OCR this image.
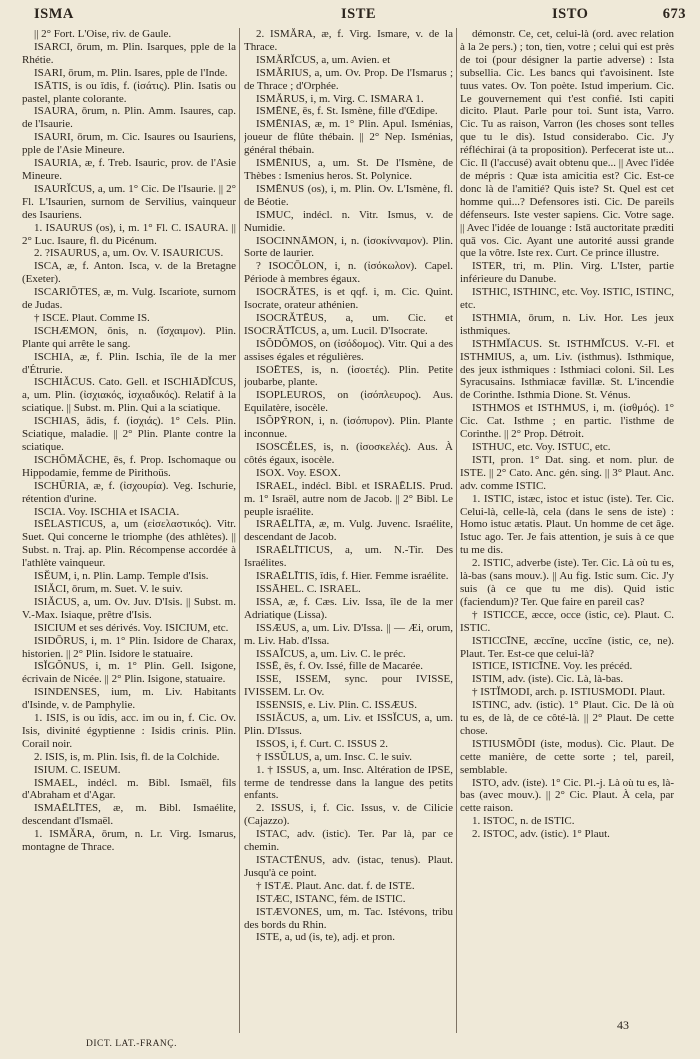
ISMA	ISTE	ISTO	673

|| 2° Fort. L'Oise, riv. de Gaule.

ISARCI, ōrum, m. Plin. Isarques, pple de la Rhétie.

ISARI, ōrum, m. Plin. Isares, pple de l'Inde.

ISĀTIS, is ou ĭdis, f. (ἰσάτις). Plin. Isatis ou pastel, plante colorante.

ISAURA, ōrum, n. Plin. Amm. Isaures, cap. de l'Isaurie.

ISAURI, ōrum, m. Cic. Isaures ou Isauriens, pple de l'Asie Mineure.

ISAURIA, æ, f. Treb. Isauric, prov. de l'Asie Mineure.

ISAURĬCUS, a, um. 1° Cic. De l'Isaurie. || 2° Fl. L'Isaurien, surnom de Servilius, vainqueur des Isauriens.

1. ISAURUS (os), i, m. 1° Fl. C. ISAURA. || 2° Luc. Isaure, fl. du Picénum.

2. ?ISAURUS, a, um. Ov. V. ISAURICUS.

ISCA, æ, f. Anton. Isca, v. de la Bretagne (Exeter).

ISCARIŌTES, æ, m. Vulg. Iscariote, surnom de Judas.

† ISCE. Plaut. Comme IS.

ISCHÆMON, ŏnis, n. (ἴσχαιμον). Plin. Plante qui arrête le sang.

ISCHIA, æ, f. Plin. Ischia, île de la mer d'Étrurie.

ISCHIĂCUS. Cato. Gell. et ISCHIĀDĬCUS, a, um. Plin. (ἰσχιακός, ἰσχιαδικός). Relatif à la sciatique. || Subst. m. Plin. Qui a la sciatique.

ISCHIAS, ădis, f. (ἰσχιάς). 1° Cels. Plin. Sciatique, maladie. || 2° Plin. Plante contre la sciatique.

ISCHŌMĂCHE, ēs, f. Prop. Ischomaque ou Hippodamie, femme de Pirithoüs.

ISCHŪRIA, æ, f. (ἰσχουρία). Veg. Ischurie, rétention d'urine.

ISCIA. Voy. ISCHIA et ISACIA.

ISĒLASTICUS, a, um (εἰσελαστικός). Vitr. Suet. Qui concerne le triomphe (des athlètes). || Subst. n. Traj. ap. Plin. Récompense accordée à l'athlète vainqueur.

ISĔUM, i, n. Plin. Lamp. Temple d'Isis.

ISIĂCI, ōrum, m. Suet. V. le suiv.

ISIĂCUS, a, um. Ov. Juv. D'Isis. || Subst. m. V.-Max. Isiaque, prêtre d'Isis.

ISICIUM et ses dérivés. Voy. ISICIUM, etc.

ISIDŌRUS, i, m. 1° Plin. Isidore de Charax, historien. || 2° Plin. Isidore le statuaire.

ISĬGŎNUS, i, m. 1° Plin. Gell. Isigone, écrivain de Nicée. || 2° Plin. Isigone, statuaire.

ISINDENSES, ium, m. Liv. Habitants d'Isinde, v. de Pamphylie.

1. ISIS, is ou ĭdis, acc. im ou in, f. Cic. Ov. Isis, divinité égyptienne : Isidis crinis. Plin. Corail noir.

2. ISIS, is, m. Plin. Isis, fl. de la Colchide.

ISIUM. C. ISEUM.

ISMAEL, indécl. m. Bibl. Ismaël, fils d'Abraham et d'Agar.

ISMAĒLĪTES, æ, m. Bibl. Ismaélite, descendant d'Ismaël.

1. ISMĂRA, ōrum, n. Lr. Virg. Ismarus, montagne de Thrace.

2. ISMĂRA, æ, f. Virg. Ismare, v. de la Thrace.

ISMĂRĬCUS, a, um. Avien. et

ISMĂRIUS, a, um. Ov. Prop. De l'Ismarus ; de Thrace ; d'Orphée.

ISMĂRUS, i, m. Virg. C. ISMARA 1.

ISMĒNE, ēs, f. St. Ismène, fille d'Œdipe.

ISMĒNIAS, æ, m. 1° Plin. Apul. Isménias, joueur de flûte thébain. || 2° Nep. Isménias, général thébain.

ISMĒNIUS, a, um. St. De l'Ismène, de Thèbes : Ismenius heros. St. Polynice.

ISMĒNUS (os), i, m. Plin. Ov. L'Ismène, fl. de Béotie.

ISMUC, indécl. n. Vitr. Ismus, v. de Numidie.

ISOCINNĀMON, i, n. (ἰσοκίνναμον). Plin. Sorte de laurier.

? ISOCŌLON, i, n. (ἰσόκωλον). Capel. Période à membres égaux.

ISOCRĂTES, is et qqf. i, m. Cic. Quint. Isocrate, orateur athénien.

ISOCRĂTĒUS, a, um. Cic. et ISOCRĂTĪCUS, a, um. Lucil. D'Isocrate.

ISŎDŎMOS, on (ἰσόδομος). Vitr. Qui a des assises égales et régulières.

ISOĒTES, is, n. (ἰσοετές). Plin. Petite joubarbe, plante.

ISOPLEUROS, on (ἰσόπλευρος). Aus. Equilatère, isocèle.

ISŎPȲRON, i, n. (ἰσόπυρον). Plin. Plante inconnue.

ISOSCĔLES, is, n. (ἰσοσκελές). Aus. À côtés égaux, isocèle.

ISOX. Voy. ESOX.

ISRAEL, indécl. Bibl. et ISRAĒLIS. Prud. m. 1° Israël, autre nom de Jacob. || 2° Bibl. Le peuple israélite.

ISRAĒLĪTA, æ, m. Vulg. Juvenc. Israélite, descendant de Jacob.

ISRAĒLĪTICUS, a, um. N.-Tir. Des Israélites.

ISRAĒLĪTIS, ĭdis, f. Hier. Femme israélite.

ISSĀHEL. C. ISRAEL.

ISSA, æ, f. Cæs. Liv. Issa, île de la mer Adriatique (Lissa).

ISSÆUS, a, um. Liv. D'Issa. || — Æi, orum, m. Liv. Hab. d'Issa.

ISSAĬCUS, a, um. Liv. C. le préc.

ISSĒ, ēs, f. Ov. Issé, fille de Macarée.

ISSE, ISSEM, sync. pour IVISSE, IVISSEM. Lr. Ov.

ISSENSIS, e. Liv. Plin. C. ISSÆUS.

ISSIĂCUS, a, um. Liv. et ISSĬCUS, a, um. Plin. D'Issus.

ISSOS, i, f. Curt. C. ISSUS 2.

† ISSŬLUS, a, um. Insc. C. le suiv.

1. † ISSUS, a, um. Insc. Altération de IPSE, terme de tendresse dans la langue des petits enfants.

2. ISSUS, i, f. Cic. Issus, v. de Cilicie (Cajazzo).

ISTAC, adv. (istic). Ter. Par là, par ce chemin.

ISTACTĒNUS, adv. (istac, tenus). Plaut. Jusqu'à ce point.

† ISTÆ. Plaut. Anc. dat. f. de ISTE.

ISTÆC, ISTANC, fém. de ISTIC.

ISTÆVONES, um, m. Tac. Istévons, tribu des bords du Rhin.

ISTE, a, ud (is, te), adj. et pron.

démonstr. Ce, cet, celui-là (ord. avec relation à la 2e pers.) ; ton, tien, votre ; celui qui est près de toi (pour désigner la partie adverse) : Ista subsellia. Cic. Les bancs qui t'avoisinent. Iste tuus vates. Ov. Ton poète. Istud imperium. Cic. Le gouvernement qui t'est confié. Isti capiti dicito. Plaut. Parle pour toi. Sunt ista, Varro. Cic. Tu as raison, Varron (les choses sont telles que tu le dis). Istud considerabo. Cic. J'y réfléchirai (à ta proposition). Perfecerat iste ut... Cic. Il (l'accusé) avait obtenu que... || Avec l'idée de mépris : Quæ ista amicitia est? Cic. Est-ce donc là de l'amitié? Quis iste? St. Quel est cet homme qui...? Defensores isti. Cic. De pareils défenseurs. Iste vester sapiens. Cic. Votre sage. || Avec l'idée de louange : Istā auctoritate præditi quā vos. Cic. Ayant une autorité aussi grande que la vôtre. Iste rex. Curt. Ce prince illustre.

ISTER, tri, m. Plin. Virg. L'Ister, partie inférieure du Danube.

ISTHIC, ISTHINC, etc. Voy. ISTIC, ISTINC, etc.

ISTHMIA, ōrum, n. Liv. Hor. Les jeux isthmiques.

ISTHMĬACUS. St. ISTHMĬCUS. V.-Fl. et ISTHMIUS, a, um. Liv. (isthmus). Isthmique, des jeux isthmiques : Isthmiaci coloni. Sil. Les Syracusains. Isthmiacæ favillæ. St. L'incendie de Corinthe. Isthmia Dione. St. Vénus.

ISTHMOS et ISTHMUS, i, m. (ἰσθμός). 1° Cic. Cat. Isthme ; en partic. l'isthme de Corinthe. || 2° Prop. Détroit.

ISTHUC, etc. Voy. ISTUC, etc.

ISTI, pron. 1° Dat. sing. et nom. plur. de ISTE. || 2° Cato. Anc. gén. sing. || 3° Plaut. Anc. adv. comme ISTIC.

1. ISTIC, istæc, istoc et istuc (iste). Ter. Cic. Celui-là, celle-là, cela (dans le sens de iste) : Homo istuc ætatis. Plaut. Un homme de cet âge. Istuc ago. Ter. Je fais attention, je suis à ce que tu me dis.

2. ISTIC, adverbe (iste). Ter. Cic. Là où tu es, là-bas (sans mouv.). || Au fig. Istic sum. Cic. J'y suis (à ce que tu me dis). Quid istic (faciendum)? Ter. Que faire en pareil cas?

† ISTICCE, æcce, occe (istic, ce). Plaut. C. ISTIC.

ISTICCĪNE, æccĭne, uccĭne (istic, ce, ne). Plaut. Ter. Est-ce que celui-là?

ISTICE, ISTICĪNE. Voy. les précéd.

ISTIM, adv. (iste). Cic. Là, là-bas.

† ISTĬMODI, arch. p. ISTIUSMODI. Plaut.

ISTINC, adv. (istic). 1° Plaut. Cic. De là où tu es, de là, de ce côté-là. || 2° Plaut. De cette chose.

ISTIUSMŎDI (iste, modus). Cic. Plaut. De cette manière, de cette sorte ; tel, pareil, semblable.

ISTO, adv. (iste). 1° Cic. Pl.-j. Là où tu es, là-bas (avec mouv.). || 2° Cic. Plaut. À cela, par cette raison.

1. ISTOC, n. de ISTIC.

2. ISTOC, adv. (istic). 1° Plaut.

DICT. LAT.-FRANÇ.
43
